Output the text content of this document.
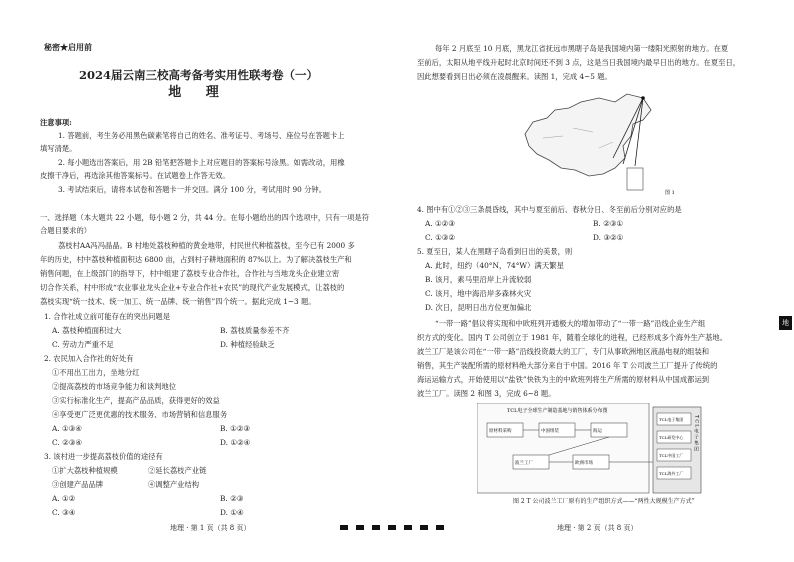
秘密★启用前
2024届云南三校高考备考实用性联考卷（一）
地 理
注意事项:
1. 答题前，考生务必用黑色碳素笔将自己的姓名、准考证号、考场号、座位号在答题卡上
填写清楚。
2. 每小题选出答案后，用 2B 铅笔把答题卡上对应题目的答案标号涂黑。如需改动，用橡
皮擦干净后，再选涂其他答案标号。在试题卷上作答无效。
3. 考试结束后，请将本试卷和答题卡一并交回。满分 100 分，考试用时 90 分钟。
一、选择题（本大题共 22 小题，每小题 2 分，共 44 分。在每小题给出的四个选项中，只有一项是符
合题目要求的）
荔枝村AA冯冯晶晶。B 村地处荔枝种植的黄金地带，村民世代种植荔枝，至今已有 2000 多
年的历史，村中荔枝种植面积达 6800 亩，占到村子耕地面积的 87%以上。为了解决荔枝生产和
销售问题，在上级部门的指导下，村中组建了荔枝专业合作社，合作社与当地龙头企业建立密
切合作关系，村中形成“农业事业龙头企业+专业合作社+农民”的现代产业发展模式，让荔枝的
荔枝实现“统一技术、统一加工、统一品牌、统一销售”四个统一。据此完成 1~3 题。
1. 合作社成立前可能存在的突出问题是
A. 荔枝种植面积过大	B. 荔枝质量参差不齐
C. 劳动力严重不足	D. 种植经验缺乏
2. 农民加入合作社的好处有
①不用出工出力，坐地分红
②提高荔枝的市场竞争能力和谈判地位
③实行标准化生产，提高产品品质，获得更好的效益
④享受更广泛更优惠的技术服务、市场营销和信息服务
A. ①③④	B. ①②③
C. ②③④	D. ①②④
3. 该村进一步提高荔枝价值的途径有
①扩大荔枝种植规模	②延长荔枝产业链
③创建产品品牌	④调整产业结构
A. ①②	B. ②③
C. ③④	D. ①④
地理 · 第 1 页（共 8 页）
每年 2 月底至 10 月底，黑龙江省抚远市黑瞎子岛是我国境内第一缕阳光照射的地方。在夏
至前后，太阳从地平线升起时北京时间还不到 3 点，这是当日我国境内最早日出的地方。在夏至日，
因此想要看到日出必须在凌晨醒来。读图 1，完成 4~5 题。
图 1
4. 图中有①②③三条晨昏线，其中与夏至前后、春秋分日、冬至前后分别对应的是
A. ①②③	B. ②③①
C. ①③②	D. ③②①
5. 夏至日，某人在黑瞎子岛看到日出的美景，则
A. 此时，纽约（40°N，74°W）满天繁星
B. 该月，素马里沿岸上升流较弱
C. 该月，地中海沿岸多森林火灾
D. 次日，昆明日出方位更加偏北
“一带一路”倡议将实现和中欧班列开通极大的增加带动了“一带一路”沿线企业生产组
织方式的变化。国内 T 公司创立于 1981 年，随着全球化的进程，已经形成多个海外生产基地。
波兰工厂是该公司在“一带一路”沿线投资最大的工厂，专门从事欧洲地区液晶电视的组装和
销售，其生产装配所需的原材料绝大部分来自于中国。2016 年 T 公司波兰工厂提升了传统的
海运运输方式，开始使用以“盐铁”快铁为主的中欧班列将生产所需的原材料从中国成都运到
波兰工厂。读图 2 和图 3，完成 6~8 题。
TCL电子全球生产制造基地与销售体系分布图
原材料采购	中国组装	海运
波兰工厂	欧洲市场
TCL电子集团
TCL研发中心
TCL中国工厂
TCL海外工厂
T C L 电 子 集 团
图 2 T 公司波兰工厂原有的生产组织方式——“两性大规模生产方式”
地理 · 第 2 页（共 8 页）
地理
